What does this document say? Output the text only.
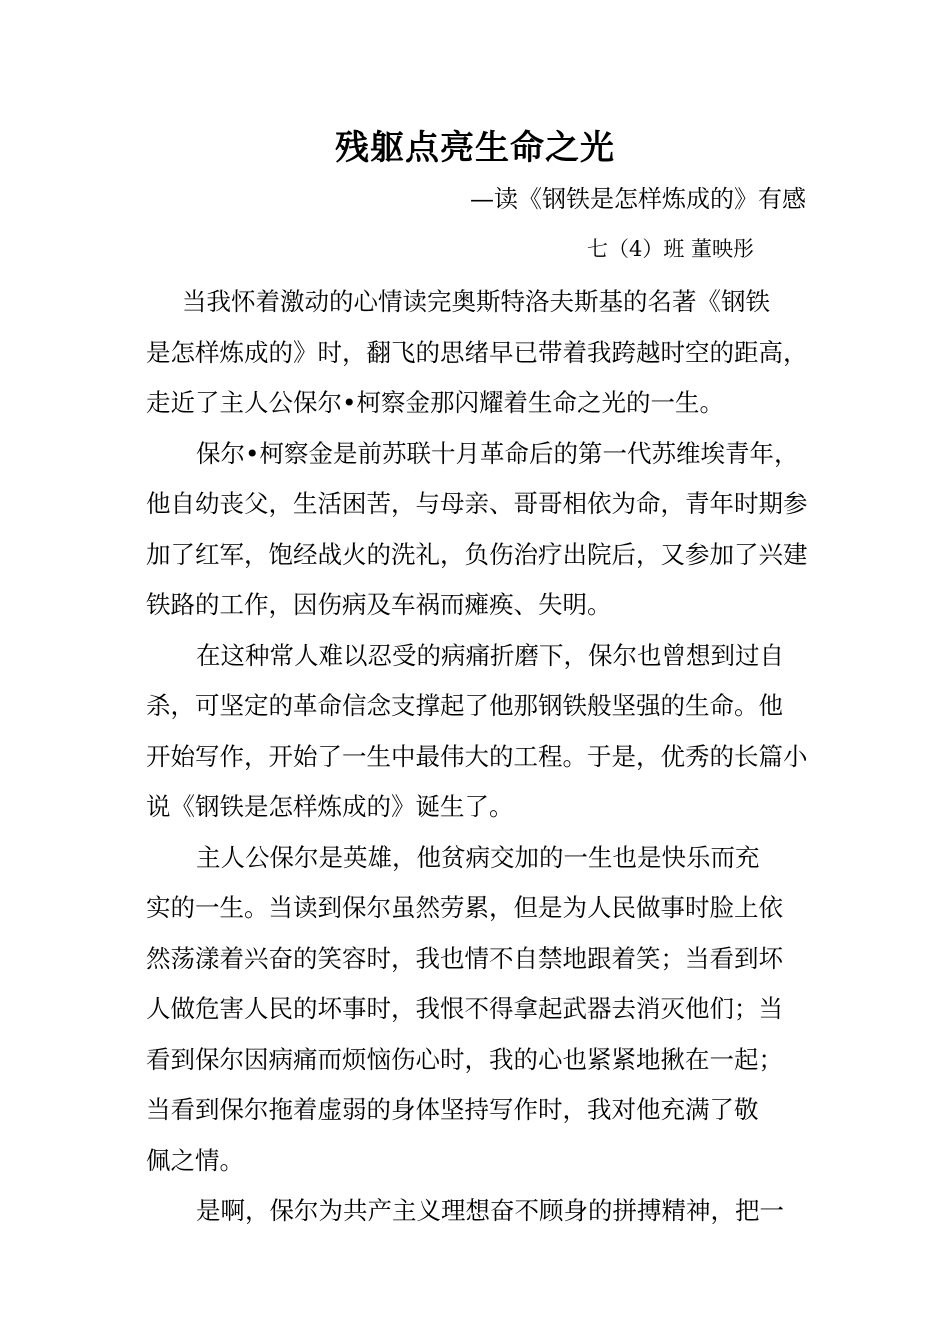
残躯点亮生命之光
—读《钢铁是怎样炼成的》有感
七（4）班 董映彤
当我怀着激动的心情读完奥斯特洛夫斯基的名著《钢铁
是怎样炼成的》时，翻飞的思绪早已带着我跨越时空的距高，
走近了主人公保尔•柯察金那闪耀着生命之光的一生。
保尔•柯察金是前苏联十月革命后的第一代苏维埃青年，
他自幼丧父，生活困苦，与母亲、哥哥相依为命，青年时期参
加了红军，饱经战火的洗礼，负伤治疗出院后，又参加了兴建
铁路的工作，因伤病及车祸而瘫痪、失明。
在这种常人难以忍受的病痛折磨下，保尔也曾想到过自
杀，可坚定的革命信念支撑起了他那钢铁般坚强的生命。他
开始写作，开始了一生中最伟大的工程。于是，优秀的长篇小
说《钢铁是怎样炼成的》诞生了。
主人公保尔是英雄，他贫病交加的一生也是快乐而充
实的一生。当读到保尔虽然劳累，但是为人民做事时脸上依
然荡漾着兴奋的笑容时，我也情不自禁地跟着笑；当看到坏
人做危害人民的坏事时，我恨不得拿起武器去消灭他们；当
看到保尔因病痛而烦恼伤心时，我的心也紧紧地揪在一起；
当看到保尔拖着虚弱的身体坚持写作时，我对他充满了敬
佩之情。
是啊，保尔为共产主义理想奋不顾身的拼搏精神，把一
